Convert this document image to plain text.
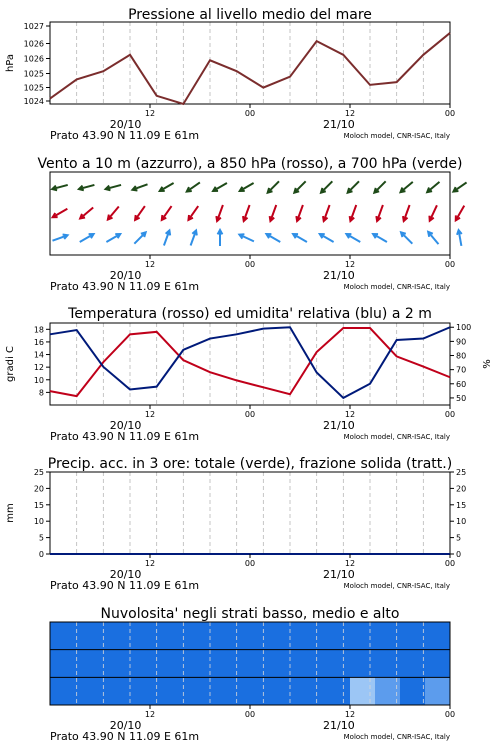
Pressione al livello medio del mare
1024
1025
1025
1026
1026
1027
hPa
12	00	12	00
20/10	21/10
Prato 43.90 N 11.09 E 61m	Moloch model, CNR-ISAC, Italy
Vento a 10 m (azzurro), a 850 hPa (rosso), a 700 hPa (verde)
12	00	12	00
20/10	21/10
Prato 43.90 N 11.09 E 61m	Moloch model, CNR-ISAC, Italy
Temperatura (rosso) ed umidita' relativa (blu) a 2 m
8
10
12
14
16
18
50
60
70
80
90
100
gradi C	%
12	00	12	00
20/10	21/10
Prato 43.90 N 11.09 E 61m	Moloch model, CNR-ISAC, Italy
Precip. acc. in 3 ore: totale (verde), frazione solida (tratt.)
0	0
5	5
10	10
15	15
20	20
25	25
mm
12	00	12	00
20/10	21/10
Prato 43.90 N 11.09 E 61m	Moloch model, CNR-ISAC, Italy
Nuvolosita' negli strati basso, medio e alto
12	00	12	00
20/10	21/10
Prato 43.90 N 11.09 E 61m	Moloch model, CNR-ISAC, Italy
